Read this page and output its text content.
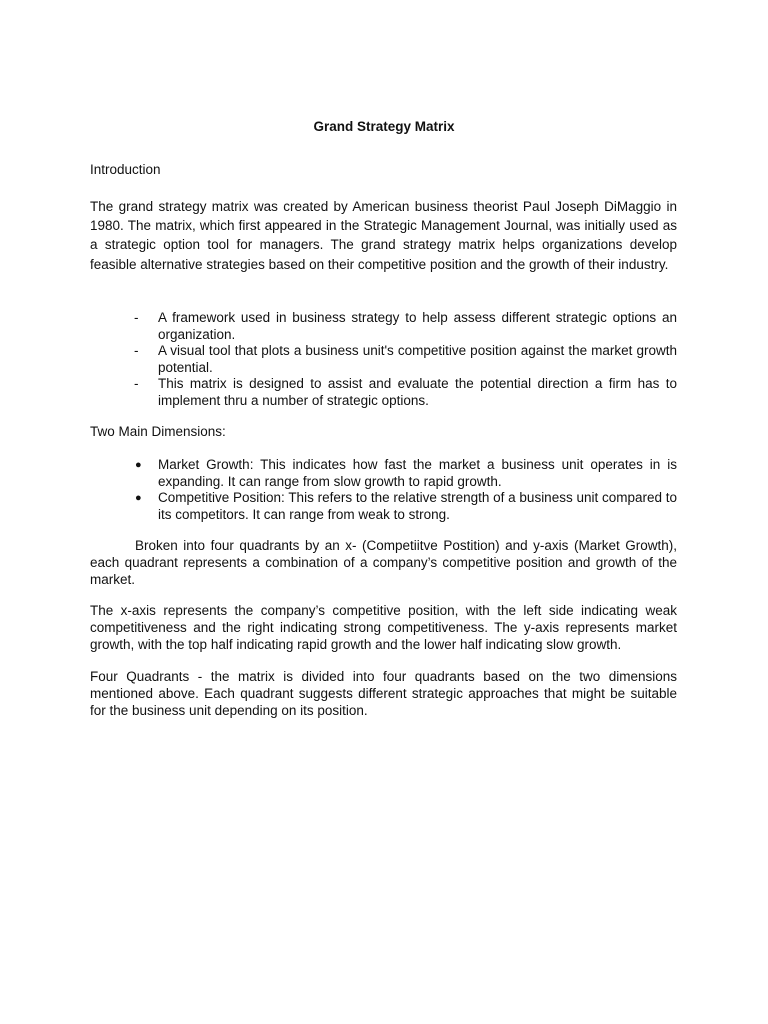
Grand Strategy Matrix

Introduction

The grand strategy matrix was created by American business theorist Paul Joseph DiMaggio in 1980. The matrix, which first appeared in the Strategic Management Journal, was initially used as a strategic option tool for managers. The grand strategy matrix helps organizations develop feasible alternative strategies based on their competitive position and the growth of their industry.

- A framework used in business strategy to help assess different strategic options an organization.
- A visual tool that plots a business unit's competitive position against the market growth potential.
- This matrix is designed to assist and evaluate the potential direction a firm has to implement thru a number of strategic options.

Two Main Dimensions:

● Market Growth: This indicates how fast the market a business unit operates in is expanding. It can range from slow growth to rapid growth.
● Competitive Position: This refers to the relative strength of a business unit compared to its competitors. It can range from weak to strong.

Broken into four quadrants by an x- (Competiitve Postition) and y-axis (Market Growth), each quadrant represents a combination of a company’s competitive position and growth of the market.

The x-axis represents the company’s competitive position, with the left side indicating weak competitiveness and the right indicating strong competitiveness. The y-axis represents market growth, with the top half indicating rapid growth and the lower half indicating slow growth.

Four Quadrants - the matrix is divided into four quadrants based on the two dimensions mentioned above. Each quadrant suggests different strategic approaches that might be suitable for the business unit depending on its position.
